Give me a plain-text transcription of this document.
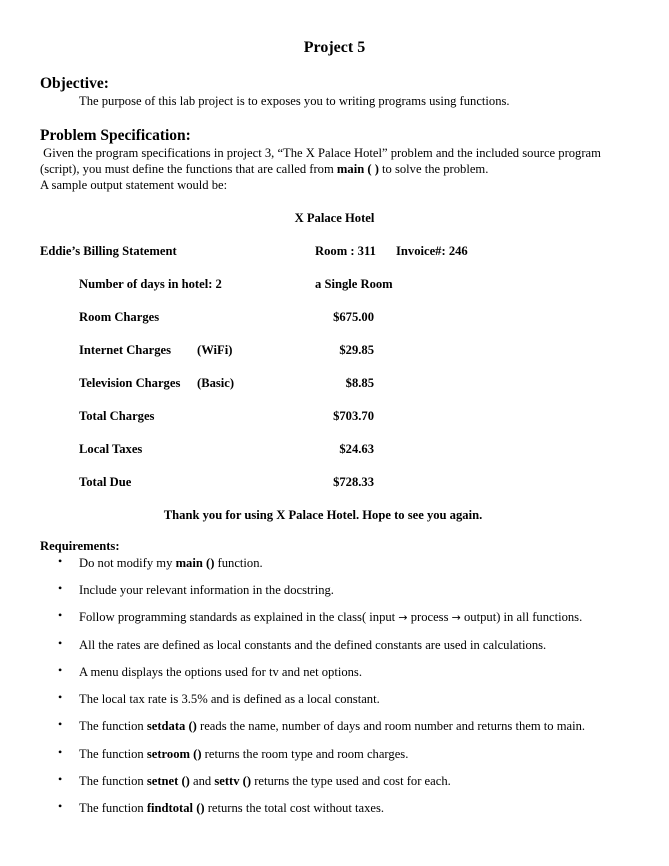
Project 5
Objective:
The purpose of this lab project is to exposes you to writing programs using functions.
Problem Specification:
Given the program specifications in project 3, “The X Palace Hotel” problem and the included source program (script), you must define the functions that are called from main ( ) to solve the problem.
A sample output statement would be:
X Palace Hotel
Eddie’s Billing Statement	Room : 311 Invoice#: 246
Number of days in hotel: 2	a Single Room
Room Charges	$675.00
Internet Charges (WiFi)	$29.85
Television Charges (Basic)	$8.85
Total Charges	$703.70
Local Taxes	$24.63
Total Due	$728.33
Thank you for using X Palace Hotel. Hope to see you again.
Requirements:
• Do not modify my main () function.
• Include your relevant information in the docstring.
• Follow programming standards as explained in the class( input → process → output) in all functions.
• All the rates are defined as local constants and the defined constants are used in calculations.
• A menu displays the options used for tv and net options.
• The local tax rate is 3.5% and is defined as a local constant.
• The function setdata () reads the name, number of days and room number and returns them to main.
• The function setroom () returns the room type and room charges.
• The function setnet () and settv () returns the type used and cost for each.
• The function findtotal () returns the total cost without taxes.
